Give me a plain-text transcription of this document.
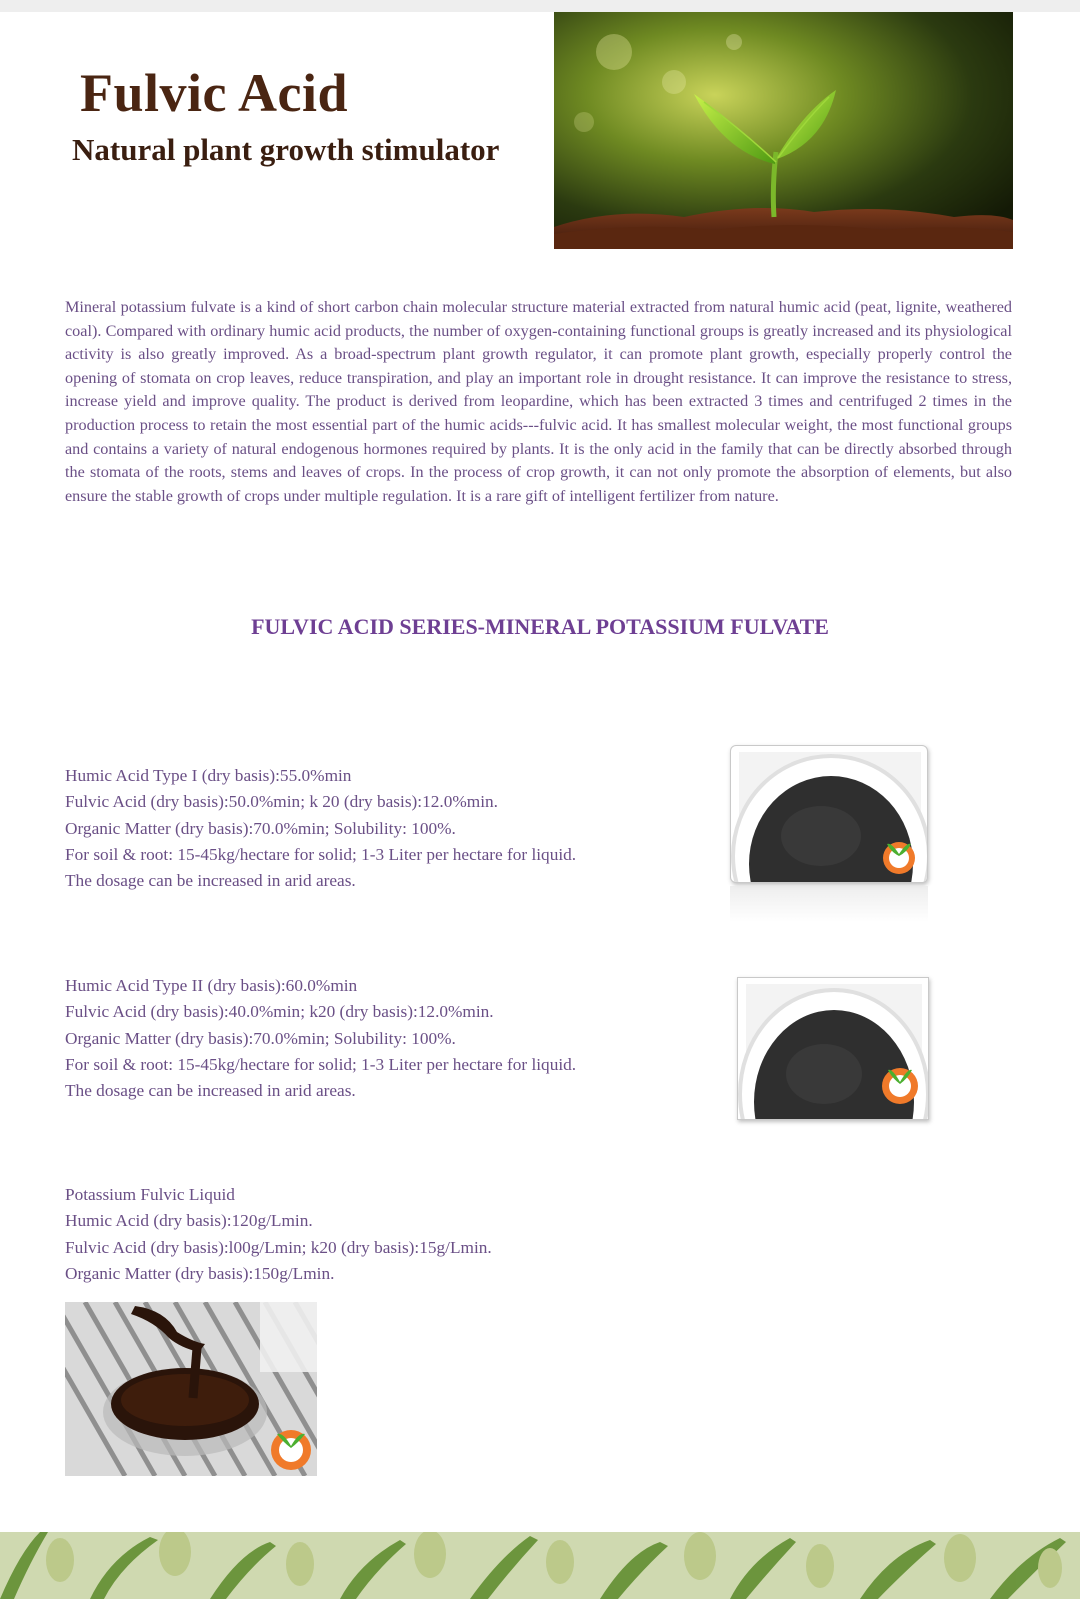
Fulvic Acid
Natural plant growth stimulator

Mineral potassium fulvate is a kind of short carbon chain molecular structure material extracted from natural humic acid (peat, lignite, weathered coal). Compared with ordinary humic acid products, the number of oxygen-containing functional groups is greatly increased and its physiological activity is also greatly improved. As a broad-spectrum plant growth regulator, it can promote plant growth, especially properly control the opening of stomata on crop leaves, reduce transpiration, and play an important role in drought resistance. It can improve the resistance to stress, increase yield and improve quality. The product is derived from leopardine, which has been extracted 3 times and centrifuged 2 times in the production process to retain the most essential part of the humic acids---fulvic acid. It has smallest molecular weight, the most functional groups and contains a variety of natural endogenous hormones required by plants. It is the only acid in the family that can be directly absorbed through the stomata of the roots, stems and leaves of crops. In the process of crop growth, it can not only promote the absorption of elements, but also ensure the stable growth of crops under multiple regulation. It is a rare gift of intelligent fertilizer from nature.

FULVIC ACID SERIES-MINERAL POTASSIUM FULVATE
Humic Acid Type I (dry basis):55.0%min
Fulvic Acid (dry basis):50.0%min; k 20 (dry basis):12.0%min.
Organic Matter (dry basis):70.0%min; Solubility: 100%.
For soil & root: 15-45kg/hectare for solid; 1-3 Liter per hectare for liquid.
The dosage can be increased in arid areas.
Humic Acid Type II (dry basis):60.0%min
Fulvic Acid (dry basis):40.0%min; k20 (dry basis):12.0%min.
Organic Matter (dry basis):70.0%min; Solubility: 100%.
For soil & root: 15-45kg/hectare for solid; 1-3 Liter per hectare for liquid.
The dosage can be increased in arid areas.
Potassium Fulvic Liquid
Humic Acid (dry basis):120g/Lmin.
Fulvic Acid (dry basis):l00g/Lmin; k20 (dry basis):15g/Lmin.
Organic Matter (dry basis):150g/Lmin.
